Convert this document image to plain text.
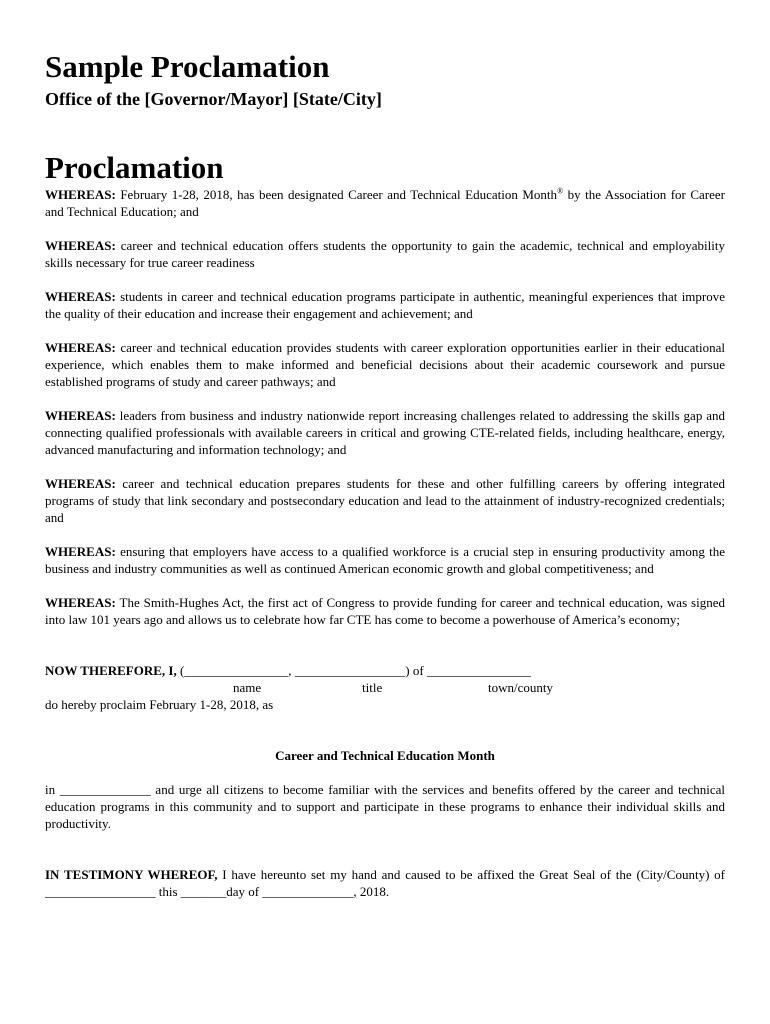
Sample Proclamation
Office of the [Governor/Mayor] [State/City]
Proclamation

WHEREAS: February 1-28, 2018, has been designated Career and Technical Education Month® by the Association for Career and Technical Education; and

WHEREAS: career and technical education offers students the opportunity to gain the academic, technical and employability skills necessary for true career readiness

WHEREAS: students in career and technical education programs participate in authentic, meaningful experiences that improve the quality of their education and increase their engagement and achievement; and

WHEREAS: career and technical education provides students with career exploration opportunities earlier in their educational experience, which enables them to make informed and beneficial decisions about their academic coursework and pursue established programs of study and career pathways; and

WHEREAS: leaders from business and industry nationwide report increasing challenges related to addressing the skills gap and connecting qualified professionals with available careers in critical and growing CTE-related fields, including healthcare, energy, advanced manufacturing and information technology; and

WHEREAS: career and technical education prepares students for these and other fulfilling careers by offering integrated programs of study that link secondary and postsecondary education and lead to the attainment of industry-recognized credentials; and

WHEREAS: ensuring that employers have access to a qualified workforce is a crucial step in ensuring productivity among the business and industry communities as well as continued American economic growth and global competitiveness; and

WHEREAS: The Smith-Hughes Act, the first act of Congress to provide funding for career and technical education, was signed into law 101 years ago and allows us to celebrate how far CTE has come to become a powerhouse of America’s economy;

NOW THEREFORE, I, (________________, _________________) of ________________
name	title	town/county
do hereby proclaim February 1-28, 2018, as
Career and Technical Education Month

in ______________ and urge all citizens to become familiar with the services and benefits offered by the career and technical education programs in this community and to support and participate in these programs to enhance their individual skills and productivity.

IN TESTIMONY WHEREOF, I have hereunto set my hand and caused to be affixed the Great Seal of the (City/County) of _________________ this _______day of ______________, 2018.
